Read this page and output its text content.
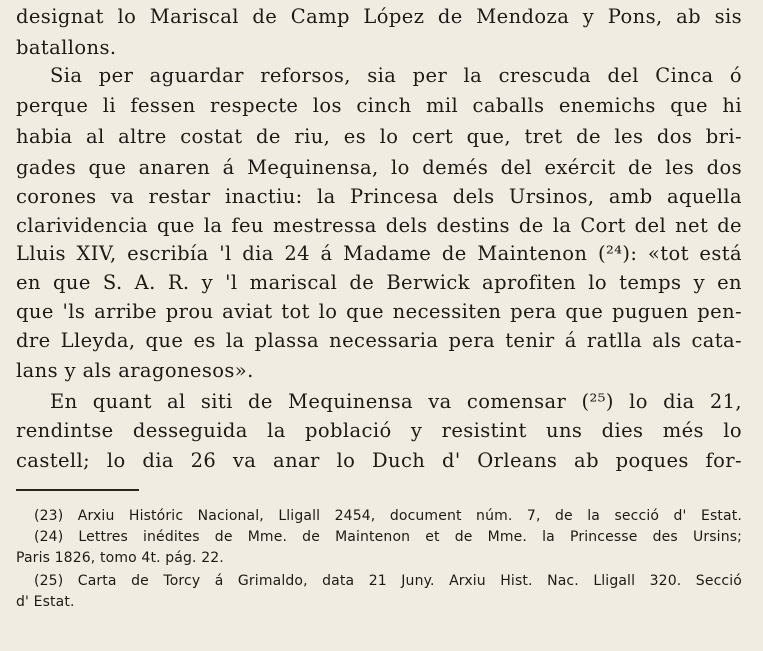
designat lo Mariscal de Camp López de Mendoza y Pons, ab sis
batallons.
Sia per aguardar reforsos, sia per la crescuda del Cinca ó
perque li fessen respecte los cinch mil caballs enemichs que hi
habia al altre costat de riu, es lo cert que, tret de les dos bri-
gades que anaren á Mequinensa, lo demés del exércit de les dos
corones va restar inactiu: la Princesa dels Ursinos, amb aquella
clarividencia que la feu mestressa dels destins de la Cort del net de
Lluis XIV, escribía 'l dia 24 á Madame de Maintenon (²⁴): «tot está
en que S. A. R. y 'l mariscal de Berwick aprofiten lo temps y en
que 'ls arribe prou aviat tot lo que necessiten pera que puguen pen-
dre Lleyda, que es la plassa necessaria pera tenir á ratlla als cata-
lans y als aragonesos».
En quant al siti de Mequinensa va comensar (²⁵) lo dia 21,
rendintse desseguida la població y resistint uns dies més lo
castell; lo dia 26 va anar lo Duch d' Orleans ab poques for-
(23) Arxiu Históric Nacional, Lligall 2454, document núm. 7, de la secció d' Estat.
(24) Lettres inédites de Mme. de Maintenon et de Mme. la Princesse des Ursins;
Paris 1826, tomo 4t. pág. 22.
(25) Carta de Torcy á Grimaldo, data 21 Juny. Arxiu Hist. Nac. Lligall 320. Secció
d' Estat.
